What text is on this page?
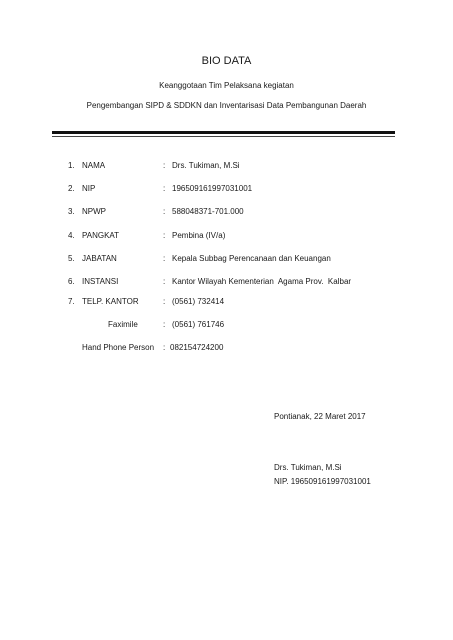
BIO DATA
Keanggotaan Tim Pelaksana kegiatan
Pengembangan SIPD & SDDKN dan Inventarisasi Data Pembangunan Daerah
1. NAMA	: Drs. Tukiman, M.Si
2. NIP	: 196509161997031001
3. NPWP	: 588048371-701.000
4. PANGKAT	: Pembina (IV/a)
5. JABATAN	: Kepala Subbag Perencanaan dan Keuangan
6. INSTANSI	: Kantor Wilayah Kementerian  Agama Prov.  Kalbar
7. TELP. KANTOR	: (0561) 732414
Faximile	: (0561) 761746
Hand Phone Person : 082154724200
Pontianak, 22 Maret 2017
Drs. Tukiman, M.Si
NIP. 196509161997031001
